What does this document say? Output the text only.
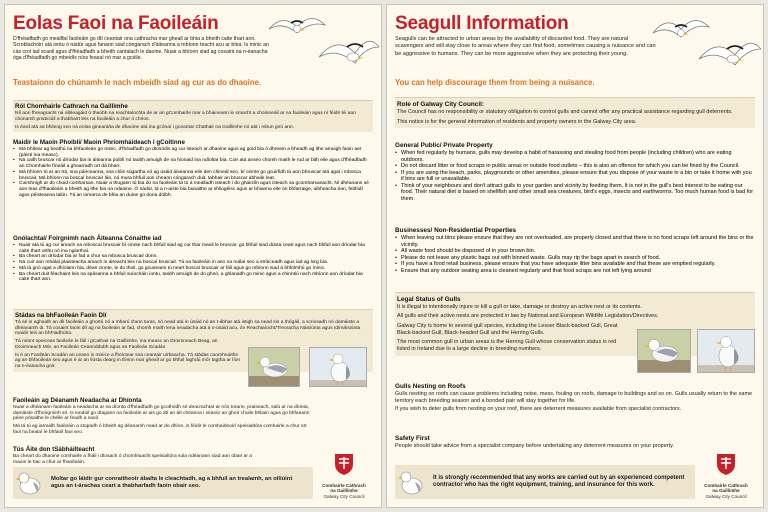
Eolas Faoi na Faoileáin
D'fhéadfadh go meallfaí faoileáin go dtí ceantair ona cathracha mar gheall ar bhia a bheith caite thart ann. Scroblachóirí atá iontu ó nádúr agus fanann siad cóngarach d'áiteanna a mbíonn teacht acu ar bhia. Is minic an cás croí iad scaoil agus d'fhéadfadh a bheith cantalach le daoine. Nuair a bhíonn siad ag cosaint na n-éanacha óga d'fhéadfadh go mbeidís níos feasaí nó mar a gcéile.
Teastaíonn do chúnamh le nach mbeidh siad ag cur as do dhaoine.
Ról Chomhairle Cathrach na Gaillimhe
Níl aon fhreagracht ná oibleagáid ó thaobh na reachtaíochta de ar an gComhairle mar a bhaineann le smacht a choinneáil ar na faoileáin agus ní féidir léi aon chúnamh praiticiúil a thabhairt leis na faoileáin a chur ó chrios.
Is éard atá sa bhileog seo ná eolas ginearálta de dhaoine atá ina gcónaí i gceantar Chathair na Gaillimhe nó atá i mbun gnó ann.
Maidir le Maoin Phoiblí/ Maoin Phríomháideach i gCoitinne
• Má bhítear ag beathú na bhfaoileán go minic, d'fhéadfadh go dtosódis ag cur isteach ar dhaoine agus ag goid bia ó dhream a bheadh ag ithe amuigh faoin aer (páistí ina measc).
• Ná caith bruscar nó dríodar bia in áiteanna poiblí nó taobh amuigh de na hionaid ina ndíoltar bia. Coir atá anseo chomh maith le rud ar bith eile agus d'fhéadfadh an Chomhairle fíneáil a ghearradh ort dá bharr.
• Má bhíonn tú ar an trá, sna páirceanna, sna clóis súgartha nó ag úsáid áiseanna eile den chineál seo, bí cinnte go gcuirfidh tú aon bhruscar atá agat i mbosca bruscair. Má bhíonn na boscaí bruscair lán, nó mura bhfuil aon cheann cóngarach duit, tabhair an bruscar abhaile leat.
• Cuimhnigh ar do chuid comharsan. Nuair a thugann tú bia do na faoileáin tá tú á mealladh isteach i do ghairdín agus isteach sa gcomharsanacht. Ní dhéanann sé aon leas d'fhaoileáin a bheith ag ithe bia na ndaoine. Ó nádúr, tá a n-aiste bia bunaithe ar shliogéisc agus ar bhianna eile ón bhfarraige, uibheacha éan, feithidí agus péisteanna talún. Tá an iomarca de bhia an duine go dona dóibh.
Gnólachtaí/ Foirgnimh nach Áiteanna Cónaithe iad
• Nuair atá tú ag cur amach na mboscaí bruscair bí cinnte nach bhfuil siad ag cur thar maoil le bruscar, go bhfuil siad dúnta ceart agus nach bhfuil aon dríodar bia caite thart orthu nó ina ngiorthaí.
• Ba cheart an dríodar bia ar fad a chur sa mbosca bruscair donn.
• Ná cuir aon mhálaí plaisteacha amach in áireacht leis na boscaí bruscair. Tá na faoileáin in ann na málaí seo a stróiceadh agus iad ag lorg bia.
• Má tá gnó agat a dhíolann bia, déan cinnte, le do thoil, go gcuireann tú neart boscaí bruscair ar fáil agus go mbíonn siad á bhfolmhú go minic.
• Ba cheart duit féachaint leis na spásanna a bhfuil suíocháin iontu, taobh amuigh de do ghnó, a ghlanadh go minic agus a chinntiú nach mbíonn aon dríodar bia caite thart ann.
Stádas na bhFaoileán Faoin Dlí
Tá sé in aghaidh an dlí faoileáin a ghortú nó a mharú d'aon turas, nó nead atá in úsáid nó an t-ábhar atá istigh sa nead sin a thógáil, a scriosadh nó damáiste a dhéanamh di. Tá cosaint faoin dlí ag na faoileáin ar fad, chomh maith lena neadacha atá á n-úsáid acu, ón Reachtaíocht/Treoracha Náisiúnta agus Idirnáisiúnta maidir leis an bhFiadhúlra.
Tá roinnt speiceas faoileán le fáil i gCathair na Gaillimhe, ina measc an Droimneach Beag, an Droimneach Mór, an Faoileán Ceannddubh agus an Faoileán Scadán.
Is é an Faoileán Scadán an ceann is minice a fheictear sna ceantair uirbeacha. Tá stádas caomhnaithe ag an bhfaoileán seo agus é ar an liosta dearg in Éirinn mar gheall ar go bhfuil laghdú mór tagtha ar líon na n-éanacha goir.
Faoileáin ag Déanamh Neadacha ar Dhíonta
Nuair a dhéanann faoileáin a neadacha ar na díonta d'fhéadfadh go gcothódh sé deacrachtaí ar nós torann, praiseach, salú ar na díonta, damáiste d'fhoirgnimh srl. Is iondúil go dtagann na faoileáin ar ais go dtí an áit chéanna i séasúr an ghoir chuile bhliain agus go bhfanann péire pósaithe le chéile ar feadh a saoil.
Má tá tú ag iarraidh faoileáin a stopadh ó bheith ag déanamh nead ar do dhíon, is féidir le comhairleoirí speisialtóra comhairle a chur ort faoi na bealaí le bhfaoil faoi seo.
Tús Áite don tSábháilteacht
Ba cheart do dhaoine comhairle a fháil i dtosach ó chomhluacht speisialtóra sula ndéanann siad aon obair ar a maoin le bac a chur ar fhaoileáin.
Moltar go láidir gur conraitheoir ábalta le cleachtadh, ag a bhfuil an trealamh, an oiliúint agus an t-árachas ceart a thabharfadh faoin obair seo.	Comhairle Cathrach
na Gaillimhe
Galway City Council
Seagull Information
Seagulls can be attracted to urban areas by the availability of discarded food. They are natural scavengers and will stay close to areas where they can find food, sometimes causing a nuisance and can be aggressive to humans. They can be more aggressive when they are protecting their young.
You can help discourage them from being a nuisance.
Role of Galway City Council:
The Council has no responsibility or statutory obligation to control gulls and cannot offer any practical assistance regarding gull deterrents.
This notice is for the general information of residents and property owners in the Galway City area.
General Public/ Private Property
• When fed regularly by humans, gulls may develop a habit of harassing and stealing food from people (including children) who are eating outdoors.
• Do not discard litter or food scraps in public areas or outside food outlets – this is also an offence for which you can be fined by the Council.
• If you are using the beach, parks, playgrounds or other amenities, please ensure that you dispose of your waste in a bin or take it home with you if bins are full or unavailable.
• Think of your neighbours and don't attract gulls to your garden and vicinity by feeding them. It is not in the gull's best interest to be eating our food. Their natural diet is based on shellfish and other small sea creatures, bird's eggs, insects and earthworms. Too much human food is bad for them.
Businesses/ Non-Residential Properties
• When leaving out bins please ensure that they are not overloaded, are properly closed and that there is no food scraps left around the bins or the vicinity.
• All waste food should be disposed of in your brown bin.
• Please do not leave any plastic bags out with binned waste. Gulls may rip the bags apart in search of food.
• If you have a food retail business, please ensure that you have adequate litter bins available and that these are emptied regularly.
• Ensure that any outdoor seating area is cleaned regularly and that food scraps are not left lying around
Legal Status of Gulls
It is illegal to intentionally injure or kill a gull or take, damage or destroy an active nest or its contents.
All gulls and their active nests are protected in law by National and European Wildlife Legislation/Directives.
Galway City is home to several gull species, including the Lesser Black-backed Gull, Great Black-backed Gull, Black-headed Gull and the Herring Gulls.
The most common gull in urban areas is the Herring Gull whose conservation status is red listed in Ireland due to a large decline in breeding numbers.
Gulls Nesting on Roofs
Gulls nesting on roofs can cause problems including noise, mess, fouling on roofs, damage to buildings and so on. Gulls usually return to the same territory each breeding season and a bonded pair will stay together for life.
If you wish to deter gulls from nesting on your roof, there are deterrent measures available from specialist contractors.
Safety First
People should take advice from a specialist company before undertaking any deterrent measures on your property.
It is strongly recommended that any works are carried out by an experienced competent contractor who has the right equipment, training, and insurance for this work.	Comhairle Cathrach
na Gaillimhe
Galway City Council
